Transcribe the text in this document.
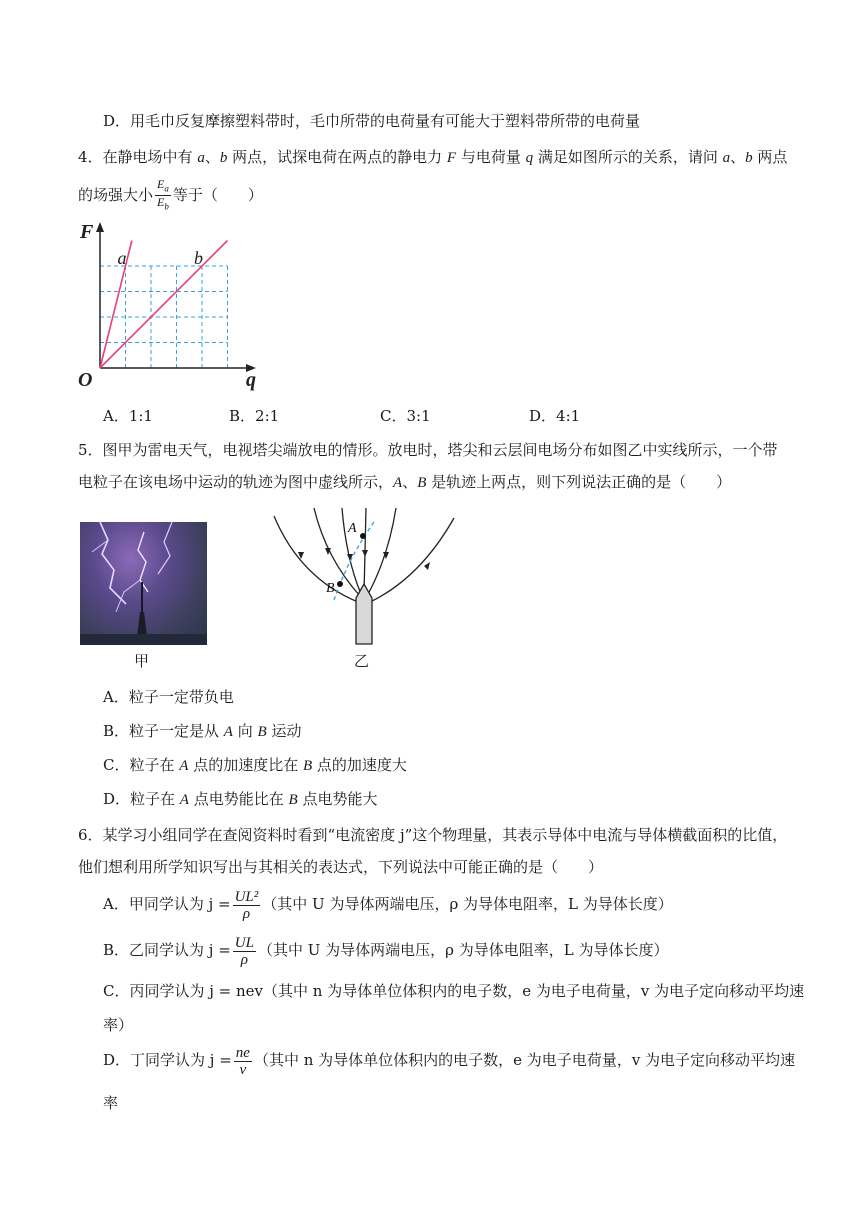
D．用毛巾反复摩擦塑料带时，毛巾所带的电荷量有可能大于塑料带所带的电荷量
4．在静电场中有 a、b 两点，试探电荷在两点的静电力 F 与电荷量 q 满足如图所示的关系，请问 a、b 两点
的场强大小 $\frac{E_a}{E_b}$ 等于（　　）
a	b
F
q
O
A．1:1	B．2:1	C．3:1	D．4:1
5．图甲为雷电天气，电视塔尖端放电的情形。放电时，塔尖和云层间电场分布如图乙中实线所示，一个带
电粒子在该电场中运动的轨迹为图中虚线所示，A、B 是轨迹上两点，则下列说法正确的是（　　）
甲
A
B
乙
A．粒子一定带负电
B．粒子一定是从 A 向 B 运动
C．粒子在 A 点的加速度比在 B 点的加速度大
D．粒子在 A 点电势能比在 B 点电势能大
6．某学习小组同学在查阅资料时看到“电流密度 j”这个物理量，其表示导体中电流与导体横截面积的比值，
他们想利用所学知识写出与其相关的表达式，下列说法中可能正确的是（　　）
A．甲同学认为 $j = \frac{\text{UL²}}{\rho}$ （其中 U 为导体两端电压，ρ 为导体电阻率，L 为导体长度）
B．乙同学认为 $j = \frac{UL}{\rho}$ （其中 U 为导体两端电压，ρ 为导体电阻率，L 为导体长度）
C．丙同学认为 j = nev（其中 n 为导体单位体积内的电子数，e 为电子电荷量，v 为电子定向移动平均速
率）
D．丁同学认为 $j = \frac{ne}{v}$ （其中 n 为导体单位体积内的电子数，e 为电子电荷量，v 为电子定向移动平均速
率
